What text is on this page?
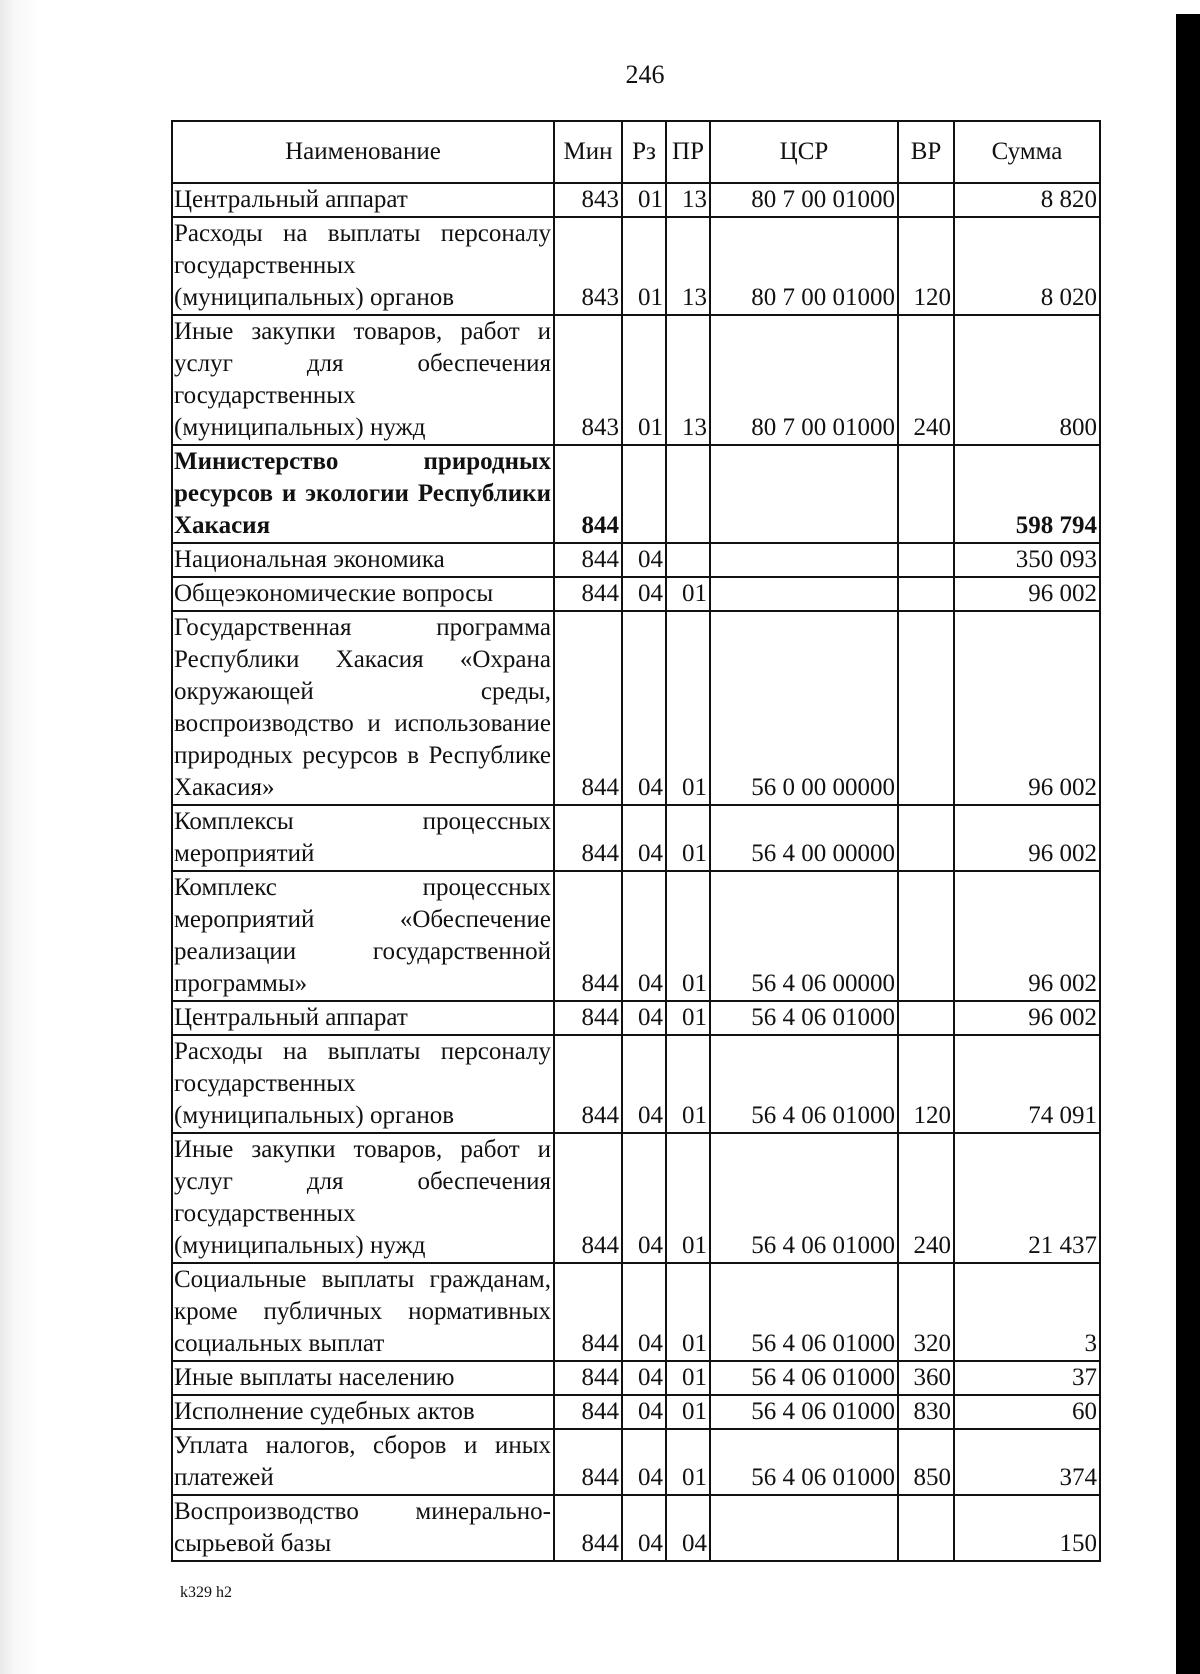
246
Наименование	Мин	Рз	ПР	ЦСР	ВР	Сумма
Центральный аппарат	843	01	13	80 7 00 01000		8 820
Расходы на выплаты персоналу государственных (муниципальных) органов	843	01	13	80 7 00 01000	120	8 020
Иные закупки товаров, работ и услуг для обеспечения государственных (муниципальных) нужд	843	01	13	80 7 00 01000	240	800
Министерство природных ресурсов и экологии Республики Хакасия	844					598 794
Национальная экономика	844	04				350 093
Общеэкономические вопросы	844	04	01			96 002
Государственная программа Республики Хакасия «Охрана окружающей среды, воспроизводство и использование природных ресурсов в Республике Хакасия»	844	04	01	56 0 00 00000		96 002
Комплексы процессных мероприятий	844	04	01	56 4 00 00000		96 002
Комплекс процессных мероприятий «Обеспечение реализации государственной программы»	844	04	01	56 4 06 00000		96 002
Центральный аппарат	844	04	01	56 4 06 01000		96 002
Расходы на выплаты персоналу государственных (муниципальных) органов	844	04	01	56 4 06 01000	120	74 091
Иные закупки товаров, работ и услуг для обеспечения государственных (муниципальных) нужд	844	04	01	56 4 06 01000	240	21 437
Социальные выплаты гражданам, кроме публичных нормативных социальных выплат	844	04	01	56 4 06 01000	320	3
Иные выплаты населению	844	04	01	56 4 06 01000	360	37
Исполнение судебных актов	844	04	01	56 4 06 01000	830	60
Уплата налогов, сборов и иных платежей	844	04	01	56 4 06 01000	850	374
Воспроизводство минерально-сырьевой базы	844	04	04			150
k329 h2
